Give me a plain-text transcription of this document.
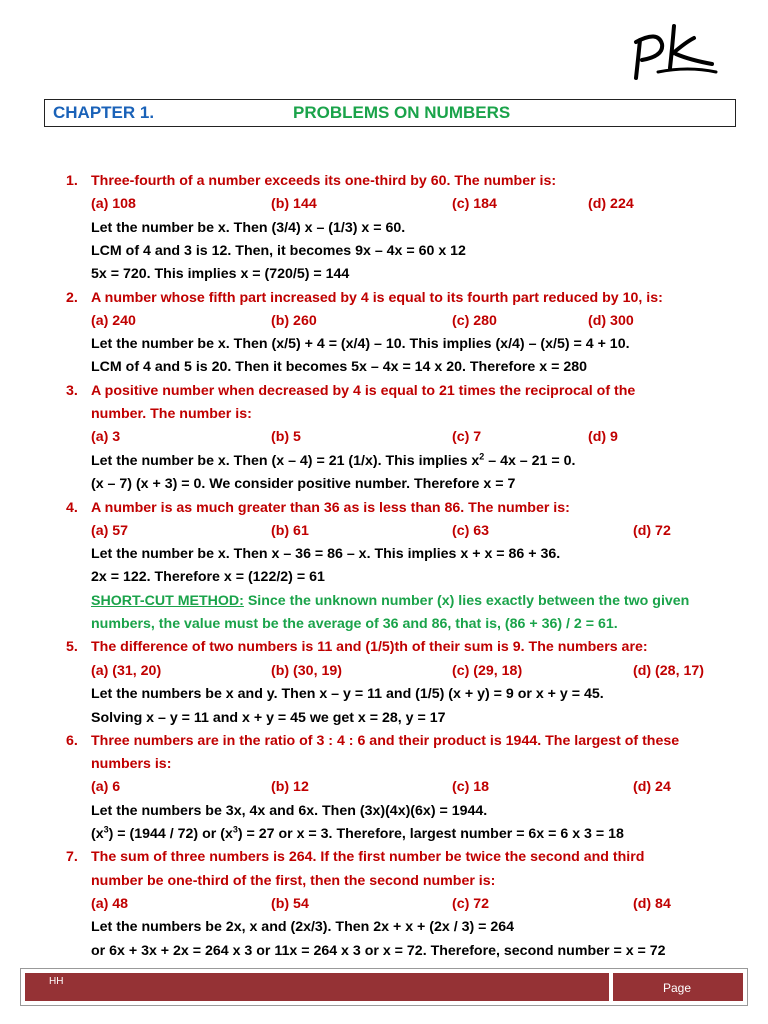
CHAPTER 1.	PROBLEMS ON NUMBERS
1. Three-fourth of a number exceeds its one-third by 60. The number is:
(a) 108	(b) 144	(c) 184	(d) 224
Let the number be x. Then (3/4) x – (1/3) x = 60.
LCM of 4 and 3 is 12. Then, it becomes 9x – 4x = 60 x 12
5x = 720. This implies x = (720/5) = 144
2. A number whose fifth part increased by 4 is equal to its fourth part reduced by 10, is:
(a) 240	(b) 260	(c) 280	(d) 300
Let the number be x. Then (x/5) + 4 = (x/4) – 10. This implies (x/4) – (x/5) = 4 + 10.
LCM of 4 and 5 is 20. Then it becomes 5x – 4x = 14 x 20. Therefore x = 280
3. A positive number when decreased by 4 is equal to 21 times the reciprocal of the
number. The number is:
(a) 3	(b) 5	(c) 7	(d) 9
Let the number be x. Then (x – 4) = 21 (1/x). This implies $x^2 - 4x - 21 = 0$.
(x – 7) (x + 3) = 0. We consider positive number. Therefore x = 7
4. A number is as much greater than 36 as is less than 86. The number is:
(a) 57	(b) 61	(c) 63	(d) 72
Let the number be x. Then x – 36 = 86 – x. This implies x + x = 86 + 36.
2x = 122. Therefore x = (122/2) = 61
SHORT-CUT METHOD: Since the unknown number (x) lies exactly between the two given
numbers, the value must be the average of 36 and 86, that is, (86 + 36) / 2 = 61.
5. The difference of two numbers is 11 and (1/5)th of their sum is 9. The numbers are:
(a) (31, 20)	(b) (30, 19)	(c) (29, 18)	(d) (28, 17)
Let the numbers be x and y. Then x – y = 11 and (1/5) (x + y) = 9 or x + y = 45.
Solving x – y = 11 and x + y = 45 we get x = 28, y = 17
6. Three numbers are in the ratio of 3 : 4 : 6 and their product is 1944. The largest of these
numbers is:
(a) 6	(b) 12	(c) 18	(d) 24
Let the numbers be 3x, 4x and 6x. Then (3x)(4x)(6x) = 1944.
$(x^3) = (1944 / 72)$ or $(x^3) = 27$ or x = 3. Therefore, largest number = 6x = 6 x 3 = 18
7. The sum of three numbers is 264. If the first number be twice the second and third
number be one-third of the first, then the second number is:
(a) 48	(b) 54	(c) 72	(d) 84
Let the numbers be 2x, x and (2x/3). Then 2x + x + (2x / 3) = 264
or 6x + 3x + 2x = 264 x 3 or 11x = 264 x 3 or x = 72. Therefore, second number = x = 72
HH	Page
